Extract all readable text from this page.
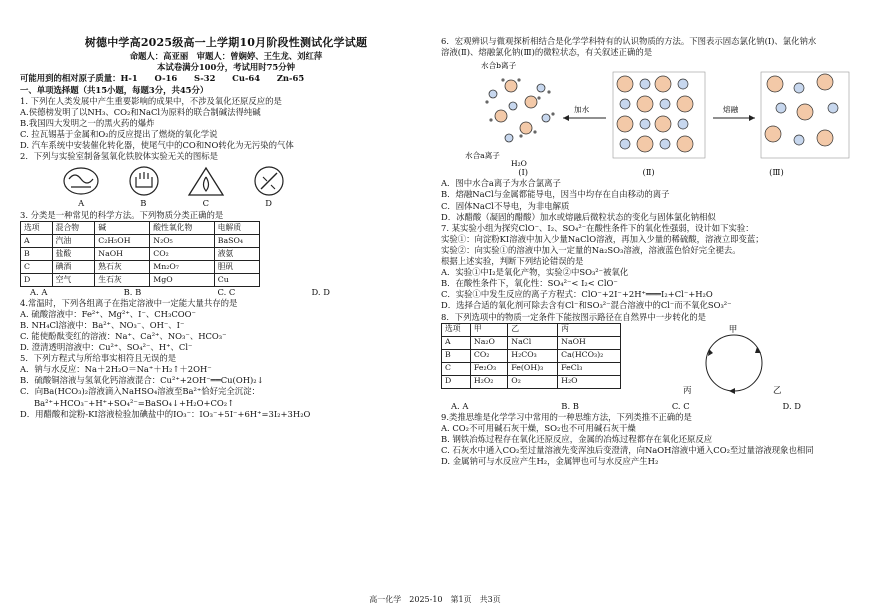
树德中学高2025级高一上学期10月阶段性测试化学试题
命题人：高亚丽　审题人：曾娴婷、王生龙、刘红萍
本试卷满分100分，考试用时75分钟
可能用到的相对原子质量：H-1　　O-16　　S-32　　Cu-64　　Zn-65
一、单项选择题（共15小题，每题3分，共45分）
1. 下列在人类发展中产生重要影响的成果中，不涉及氧化还原反应的是
A.侯德榜发明了以NH₃、CO₂和NaCl为原料的联合制碱法得纯碱
B.我国四大发明之一的黑火药的爆炸
C. 拉瓦锡基于金属和O₂的反应提出了燃烧的氧化学说
D. 汽车系统中安装催化转化器，使尾气中的CO和NO转化为无污染的气体
2．下列与实验室制备氢氧化铁胶体实验无关的图标是
A	B	C	D
3. 分类是一种常见的科学方法。下列物质分类正确的是
选项	混合物	碱	酸性氧化物	电解质
A	汽油	C₂H₅OH	N₂O₅	BaSO₄
B	盐酸	NaOH	CO₂	液氨
C	碘酒	熟石灰	Mn₂O₇	胆矾
D	空气	生石灰	MgO	Cu
A. A	B. B	C. C	D. D
4.常温时，下列各组离子在指定溶液中一定能大量共存的是
A. 硫酸溶液中：Fe²⁺、Mg²⁺、I⁻、CH₃COO⁻
B. NH₄Cl溶液中：Ba²⁺、NO₃⁻、OH⁻、I⁻
C. 能使酚酞变红的溶液：Na⁺、Ca²⁺、NO₃⁻、HCO₃⁻
D. 澄清透明溶液中：Cu²⁺、SO₄²⁻、H⁺、Cl⁻
5．下列方程式与所给事实相符且无误的是
A．钠与水反应：Na＋2H₂O＝Na⁺＋H₂↑＋2OH⁻
B．硫酸铜溶液与氢氧化钙溶液混合：Cu²⁺+2OH⁻══Cu(OH)₂↓
C．向Ba(HCO₃)₂溶液滴入NaHSO₄溶液至Ba²⁺恰好完全沉淀：
Ba²⁺+HCO₃⁻+H⁺+SO₄²⁻=BaSO₄↓+H₂O+CO₂↑
D．用醋酸和淀粉-KI溶液检验加碘盐中的IO₃⁻：IO₃⁻+5I⁻+6H⁺=3I₂+3H₂O
6．宏观辨识与微观探析相结合是化学学科特有的认识物质的方法。下图表示固态氯化钠(Ⅰ)、氯化钠水
溶液(Ⅱ)、熔融氯化钠(Ⅲ)的微粒状态，有关叙述正确的是
水合b离子
水合a离子
H₂O
加水	熔融
(Ⅰ)	(Ⅱ)	(Ⅲ)
A．图中水合a离子为水合氯离子
B．熔融NaCl与金属都能导电，因当中均存在自由移动的离子
C．固体NaCl不导电，为非电解质
D．冰醋酸（凝固的醋酸）加水或熔融后微粒状态的变化与固体氯化钠相似
7. 某实验小组为探究ClO⁻、I₂、SO₄²⁻在酸性条件下的氧化性强弱，设计如下实验：
实验①：向淀粉KI溶液中加入少量NaClO溶液，再加入少量的稀硫酸，溶液立即变蓝；
实验②：向实验①的溶液中加入一定量的Na₂SO₃溶液，溶液蓝色恰好完全褪去。
根据上述实验，判断下列结论错误的是
A．实验①中I₂是氧化产物，实验②中SO₃²⁻被氧化
B．在酸性条件下，氧化性：SO₄²⁻< I₂< ClO⁻
C．实验①中发生反应的离子方程式：ClO⁻+2I⁻+2H⁺═══I₂+Cl⁻+H₂O
D．选择合适的氧化剂可除去含有Cl⁻和SO₃²⁻混合溶液中的Cl⁻而不氧化SO₃²⁻
8．下列选项中的物质一定条件下能按图示路径在自然界中一步转化的是
选项	甲	乙	丙
A	Na₂O	NaCl	NaOH
B	CO₂	H₂CO₃	Ca(HCO₃)₂
C	Fe₂O₃	Fe(OH)₃	FeCl₃
D	H₂O₂	O₂	H₂O
甲
乙
丙
A. A	B. B	C. C	D. D
9.类推思维是化学学习中常用的一种思维方法，下列类推不正确的是
A. CO₂不可用碱石灰干燥，SO₂也不可用碱石灰干燥
B. 钢铁冶炼过程存在氧化还原反应，金属的冶炼过程都存在氧化还原反应
C. 石灰水中通入CO₂至过量溶液先变浑浊后变澄清，向NaOH溶液中通入CO₂至过量溶液现象也相同
D. 金属钠可与水反应产生H₂，金属钾也可与水反应产生H₂
高一化学　2025-10　第1页　共3页
